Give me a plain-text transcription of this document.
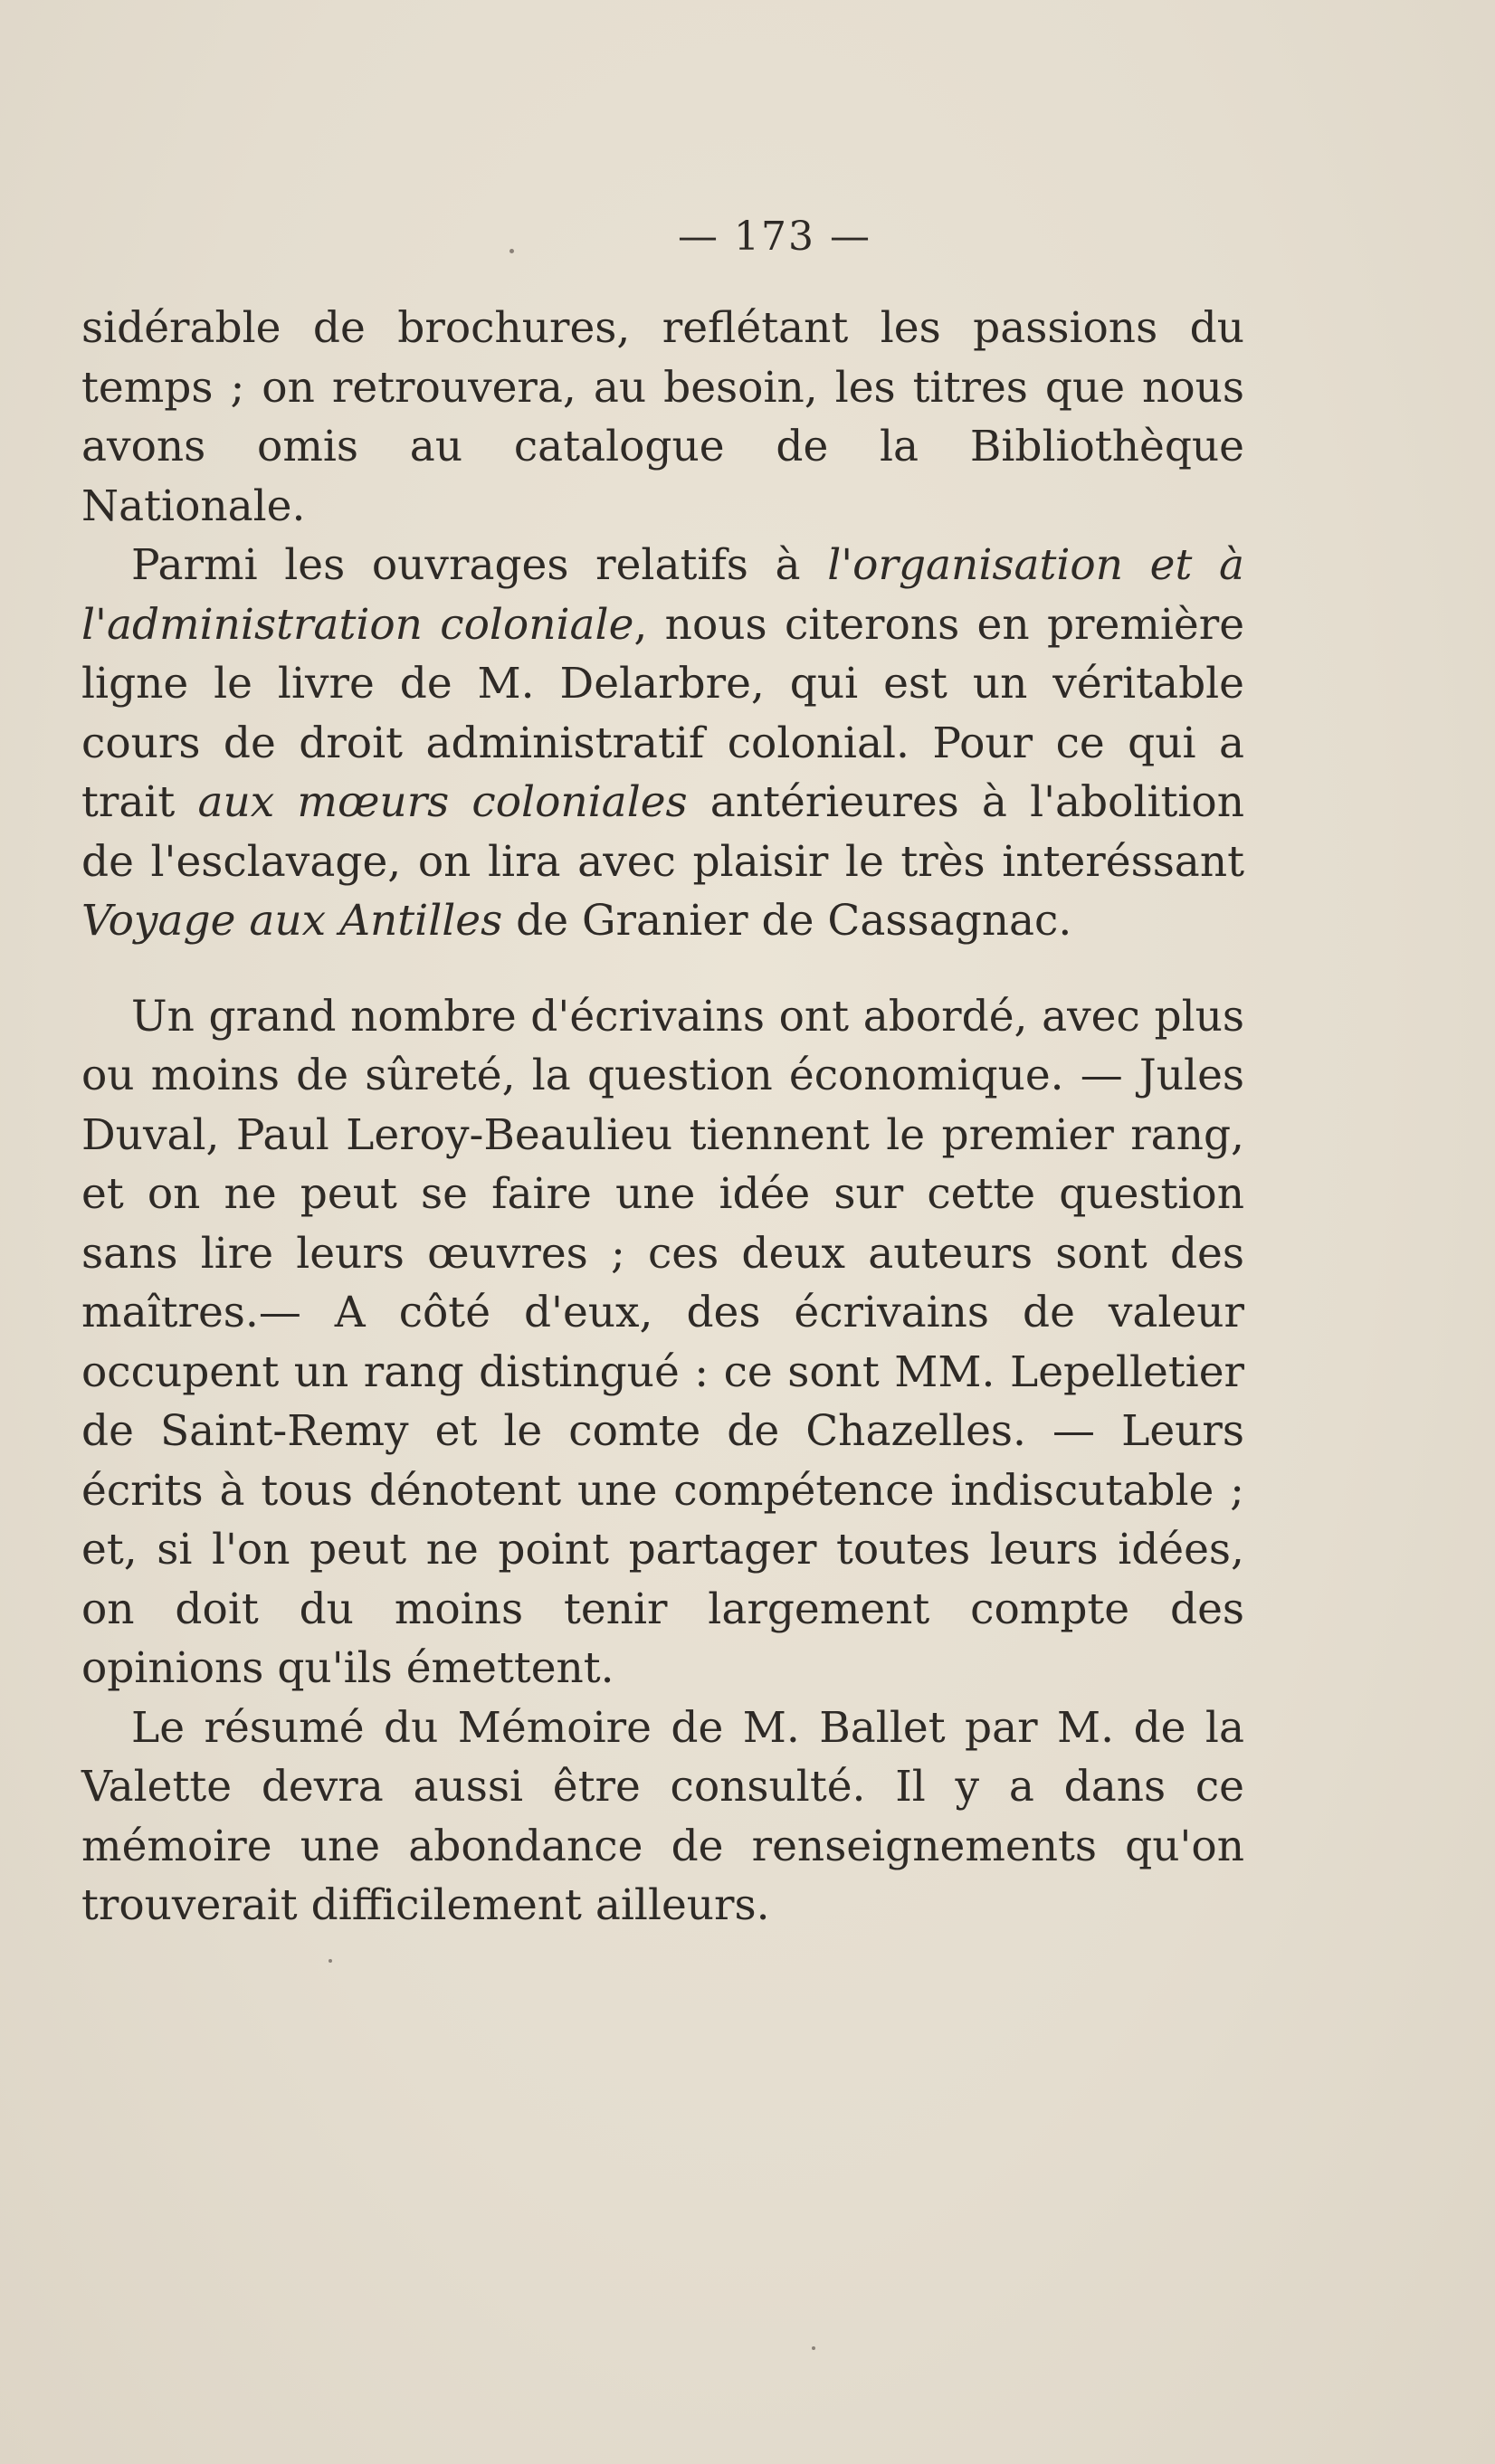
— 173 —

sidérable de brochures, reflétant les passions du temps ; on retrouvera, au besoin, les titres que nous avons omis au catalogue de la Bibliothèque Nationale.

Parmi les ouvrages relatifs à l'organisation et à l'administration coloniale, nous citerons en première ligne le livre de M. Delarbre, qui est un véritable cours de droit administratif colonial. Pour ce qui a trait aux mœurs coloniales antérieures à l'abolition de l'esclavage, on lira avec plaisir le très interéssant Voyage aux Antilles de Granier de Cassagnac.

Un grand nombre d'écrivains ont abordé, avec plus ou moins de sûreté, la question économique. — Jules Duval, Paul Leroy-Beaulieu tiennent le premier rang, et on ne peut se faire une idée sur cette question sans lire leurs œuvres ; ces deux auteurs sont des maîtres.— A côté d'eux, des écrivains de valeur occupent un rang distingué : ce sont MM. Lepelletier de Saint-Remy et le comte de Chazelles. — Leurs écrits à tous dénotent une compétence indiscutable ; et, si l'on peut ne point partager toutes leurs idées, on doit du moins tenir largement compte des opinions qu'ils émettent.

Le résumé du Mémoire de M. Ballet par M. de la Valette devra aussi être consulté. Il y a dans ce mémoire une abondance de renseignements qu'on trouverait difficilement ailleurs.
